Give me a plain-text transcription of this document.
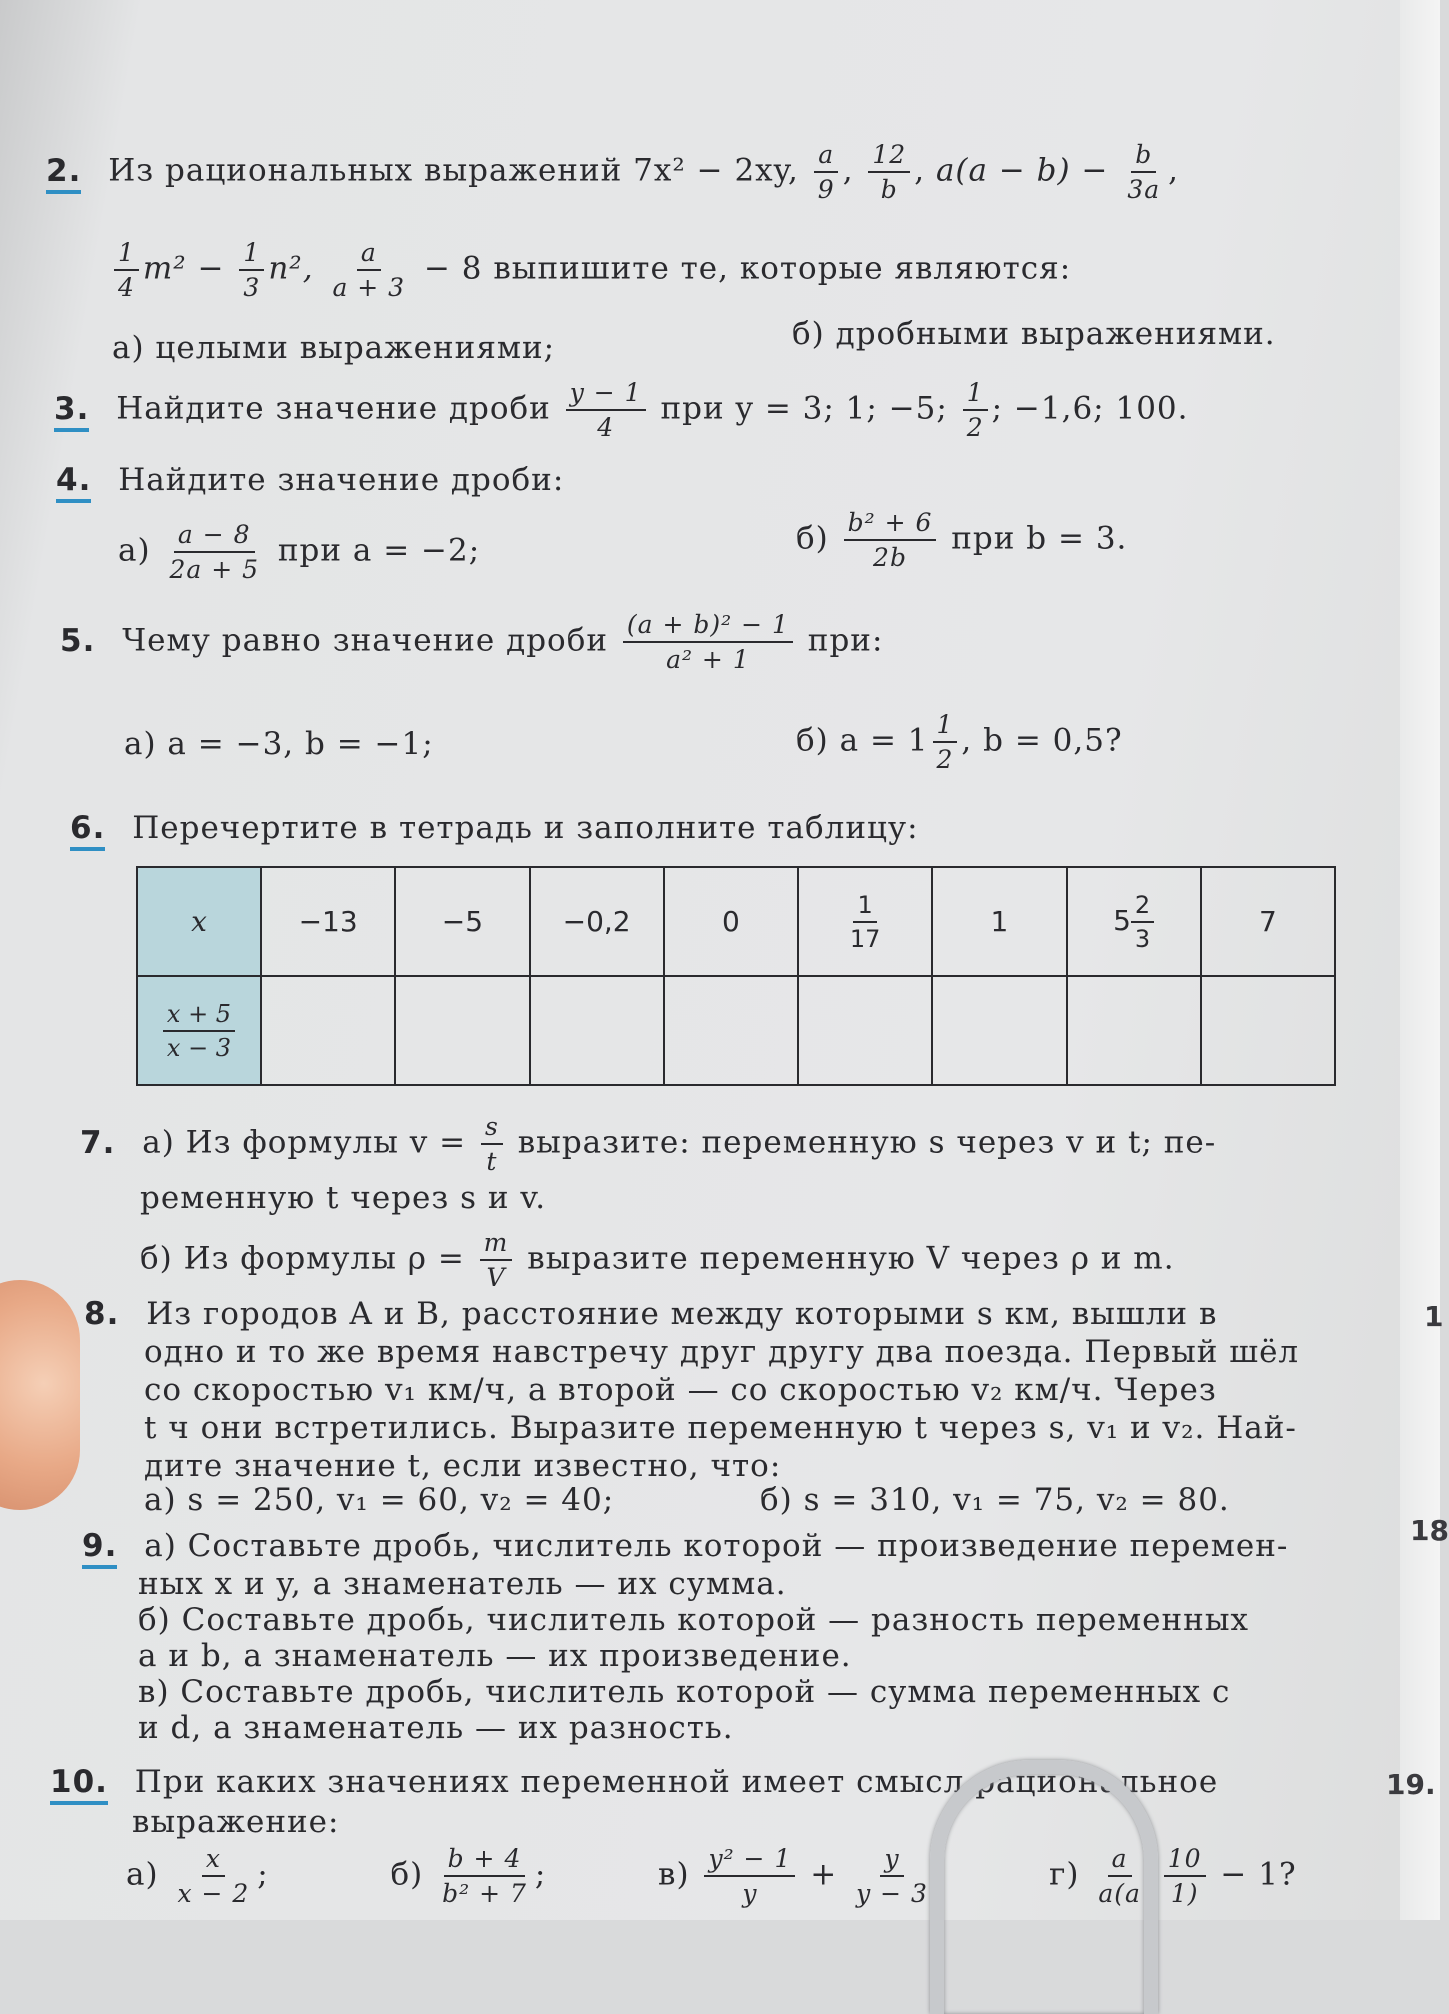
2. Из рациональных выражений 7x² − 2xy, $\frac{a}{9}$ , $\frac{12}{b}$ , $a(a - b) - \frac{b}{3a}$ ,
$\frac{1}{4} m^2 - \frac{1}{3} n^2$, $\frac{a}{a + 3} - 8$ выпишите те, которые являются:
а) целыми выражениями;	б) дробными выражениями.
3. Найдите значение дроби $\frac{y - 1}{4}$ при y = 3; 1; −5; $\frac{1}{2}$ ; −1,6; 100.
4. Найдите значение дроби:
$а) \frac{a - 8}{2a + 5}$ при a = −2;	$б) \frac{\text{b² + 6}}{2b}$ при b = 3.
5. Чему равно значение дроби $\frac{\text{(a + b)² − 1}}{\text{a² + 1}}$ при:
а) a = −3, b = −1;	б) $a = 1 \frac{1}{2}$ , b = 0,5?
6. Перечертите в тетрадь и заполните таблицу:
x	−13	−5	−0,2	0	$\frac{1}{17}$	1	$5 \frac{2}{3}$	7

$\frac{x + 5}{x - 3}$

7. а) Из формулы $v = \frac{s}{t}$ выразите: переменную s через v и t; пе-
ременную t через s и v.
б) Из формулы $\rho = \frac{m}{V}$ выразите переменную V через ρ и m.
8. Из городов A и B, расстояние между которыми s км, вышли в
одно и то же время навстречу друг другу два поезда. Первый шёл
со скоростью v₁ км/ч, а второй — со скоростью v₂ км/ч. Через
t ч они встретились. Выразите переменную t через s, v₁ и v₂. Най-
дите значение t, если известно, что:
а) s = 250, v₁ = 60, v₂ = 40;	б) s = 310, v₁ = 75, v₂ = 80.
9. а) Составьте дробь, числитель которой — произведение перемен-
ных x и y, а знаменатель — их сумма.
б) Составьте дробь, числитель которой — разность переменных
a и b, а знаменатель — их произведение.
в) Составьте дробь, числитель которой — сумма переменных c
и d, а знаменатель — их разность.
10. При каких значениях переменной имеет смысл рациональное
выражение:
$а) \frac{x}{x - 2}$ ;	$б) \frac{b + 4}{\text{b² + 7}}$ ;	$в) \frac{\text{y² − 1}}{y} + \frac{y}{y - 3}$ ;	$г) \frac{a}{a(a}$
$\frac{10}{1)} - 1$?
1
18
19.
